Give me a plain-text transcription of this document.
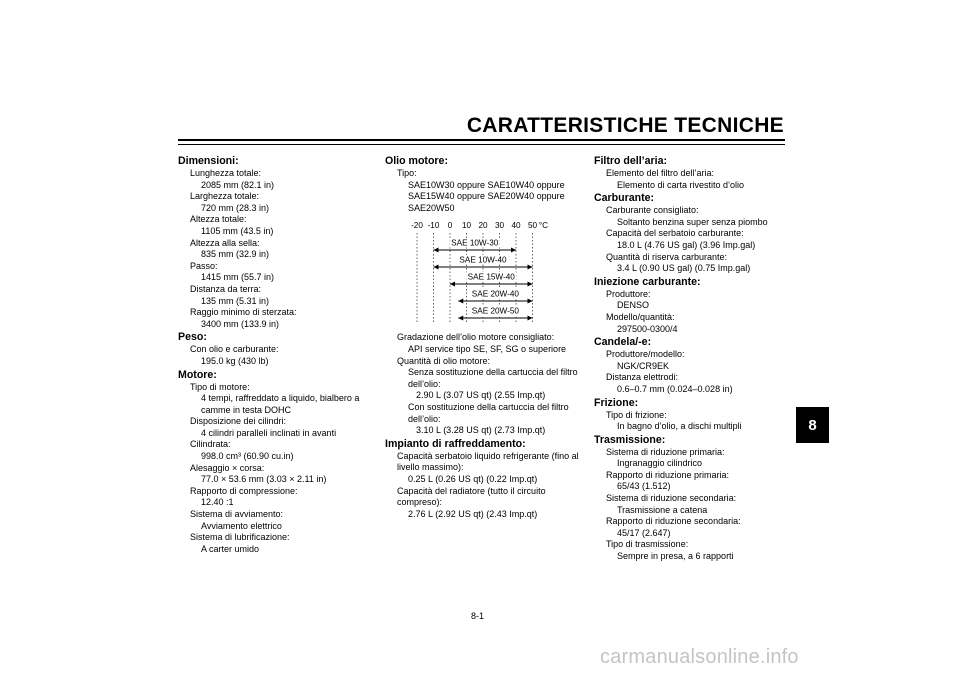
CARATTERISTICHE TECNICHE
Dimensioni:
Lunghezza totale:
2085 mm (82.1 in)
Larghezza totale:
720 mm (28.3 in)
Altezza totale:
1105 mm (43.5 in)
Altezza alla sella:
835 mm (32.9 in)
Passo:
1415 mm (55.7 in)
Distanza da terra:
135 mm (5.31 in)
Raggio minimo di sterzata:
3400 mm (133.9 in)
Peso:
Con olio e carburante:
195.0 kg (430 lb)
Motore:
Tipo di motore:
4 tempi, raffreddato a liquido, bialbero a
camme in testa DOHC
Disposizione dei cilindri:
4 cilindri paralleli inclinati in avanti
Cilindrata:
998.0 cm³ (60.90 cu.in)
Alesaggio × corsa:
77.0 × 53.6 mm (3.03 × 2.11 in)
Rapporto di compressione:
12.40 :1
Sistema di avviamento:
Avviamento elettrico
Sistema di lubrificazione:
A carter umido
Olio motore:
Tipo:
SAE10W30 oppure SAE10W40 oppure
SAE15W40 oppure SAE20W40 oppure
SAE20W50
-20 -10 0 10 20 30 40 50 °C
SAE 10W-30
SAE 10W-40
SAE 15W-40
SAE 20W-40
SAE 20W-50
Gradazione dell’olio motore consigliato:
API service tipo SE, SF, SG o superiore
Quantità di olio motore:
Senza sostituzione della cartuccia del filtro
dell’olio:
2.90 L (3.07 US qt) (2.55 Imp.qt)
Con sostituzione della cartuccia del filtro
dell’olio:
3.10 L (3.28 US qt) (2.73 Imp.qt)
Impianto di raffreddamento:
Capacità serbatoio liquido refrigerante (fino al
livello massimo):
0.25 L (0.26 US qt) (0.22 Imp.qt)
Capacità del radiatore (tutto il circuito
compreso):
2.76 L (2.92 US qt) (2.43 Imp.qt)
Filtro dell’aria:
Elemento del filtro dell’aria:
Elemento di carta rivestito d’olio
Carburante:
Carburante consigliato:
Soltanto benzina super senza piombo
Capacità del serbatoio carburante:
18.0 L (4.76 US gal) (3.96 Imp.gal)
Quantità di riserva carburante:
3.4 L (0.90 US gal) (0.75 Imp.gal)
Iniezione carburante:
Produttore:
DENSO
Modello/quantità:
297500-0300/4
Candela/-e:
Produttore/modello:
NGK/CR9EK
Distanza elettrodi:
0.6–0.7 mm (0.024–0.028 in)
Frizione:
Tipo di frizione:
In bagno d’olio, a dischi multipli
Trasmissione:
Sistema di riduzione primaria:
Ingranaggio cilindrico
Rapporto di riduzione primaria:
65/43 (1.512)
Sistema di riduzione secondaria:
Trasmissione a catena
Rapporto di riduzione secondaria:
45/17 (2.647)
Tipo di trasmissione:
Sempre in presa, a 6 rapporti
8
8-1
carmanualsonline.info
